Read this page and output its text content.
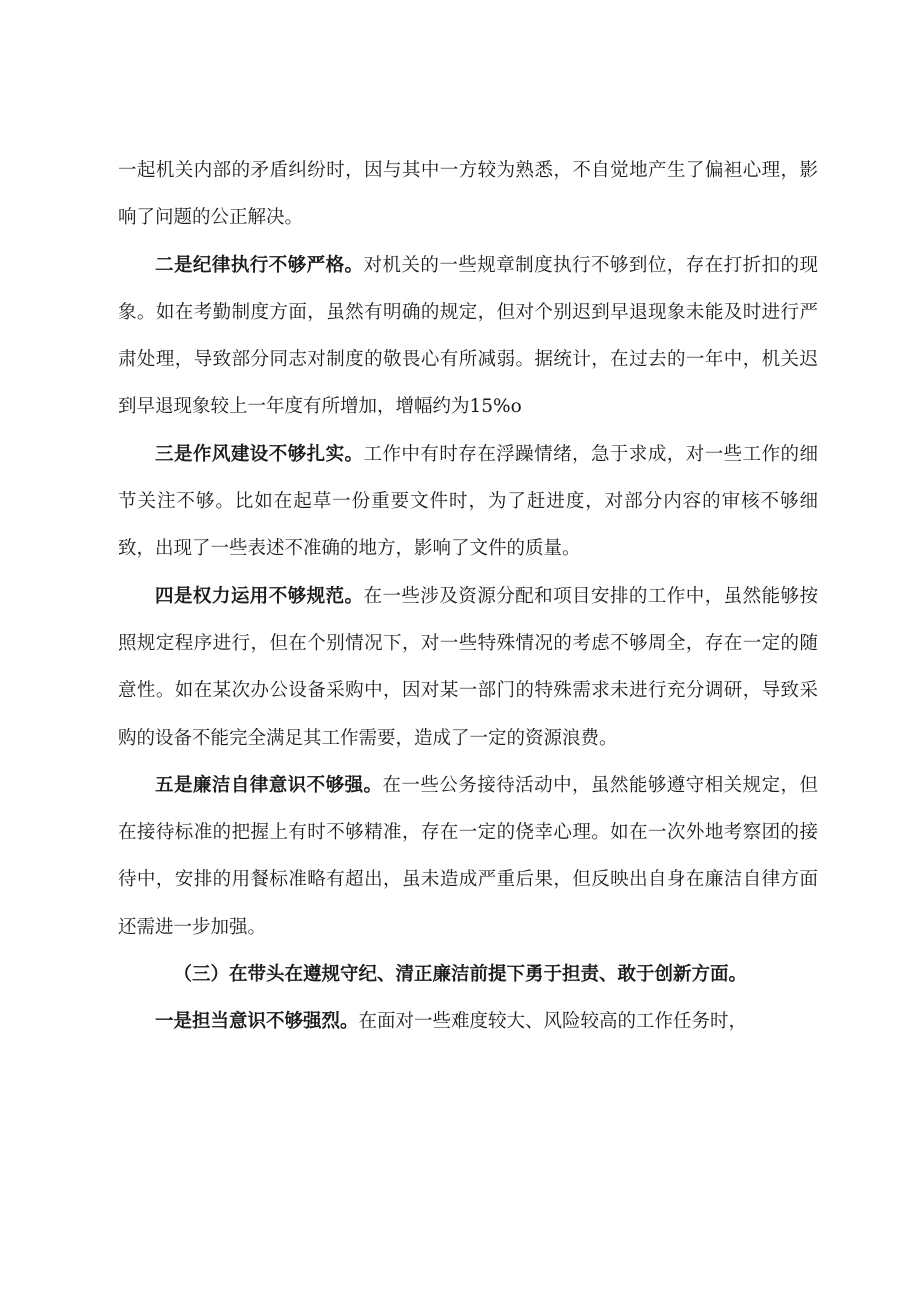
一起机关内部的矛盾纠纷时，因与其中一方较为熟悉，不自觉地产生了偏袒心理，影响了问题的公正解决。

二是纪律执行不够严格。对机关的一些规章制度执行不够到位，存在打折扣的现象。如在考勤制度方面，虽然有明确的规定，但对个别迟到早退现象未能及时进行严肃处理，导致部分同志对制度的敬畏心有所减弱。据统计，在过去的一年中，机关迟到早退现象较上一年度有所增加，增幅约为15%o

三是作风建设不够扎实。工作中有时存在浮躁情绪，急于求成，对一些工作的细节关注不够。比如在起草一份重要文件时，为了赶进度，对部分内容的审核不够细致，出现了一些表述不准确的地方，影响了文件的质量。

四是权力运用不够规范。在一些涉及资源分配和项目安排的工作中，虽然能够按照规定程序进行，但在个别情况下，对一些特殊情况的考虑不够周全，存在一定的随意性。如在某次办公设备采购中，因对某一部门的特殊需求未进行充分调研，导致采购的设备不能完全满足其工作需要，造成了一定的资源浪费。

五是廉洁自律意识不够强。在一些公务接待活动中，虽然能够遵守相关规定，但在接待标准的把握上有时不够精准，存在一定的侥幸心理。如在一次外地考察团的接待中，安排的用餐标准略有超出，虽未造成严重后果，但反映出自身在廉洁自律方面还需进一步加强。

（三）在带头在遵规守纪、清正廉洁前提下勇于担责、敢于创新方面。

一是担当意识不够强烈。在面对一些难度较大、风险较高的工作任务时，
